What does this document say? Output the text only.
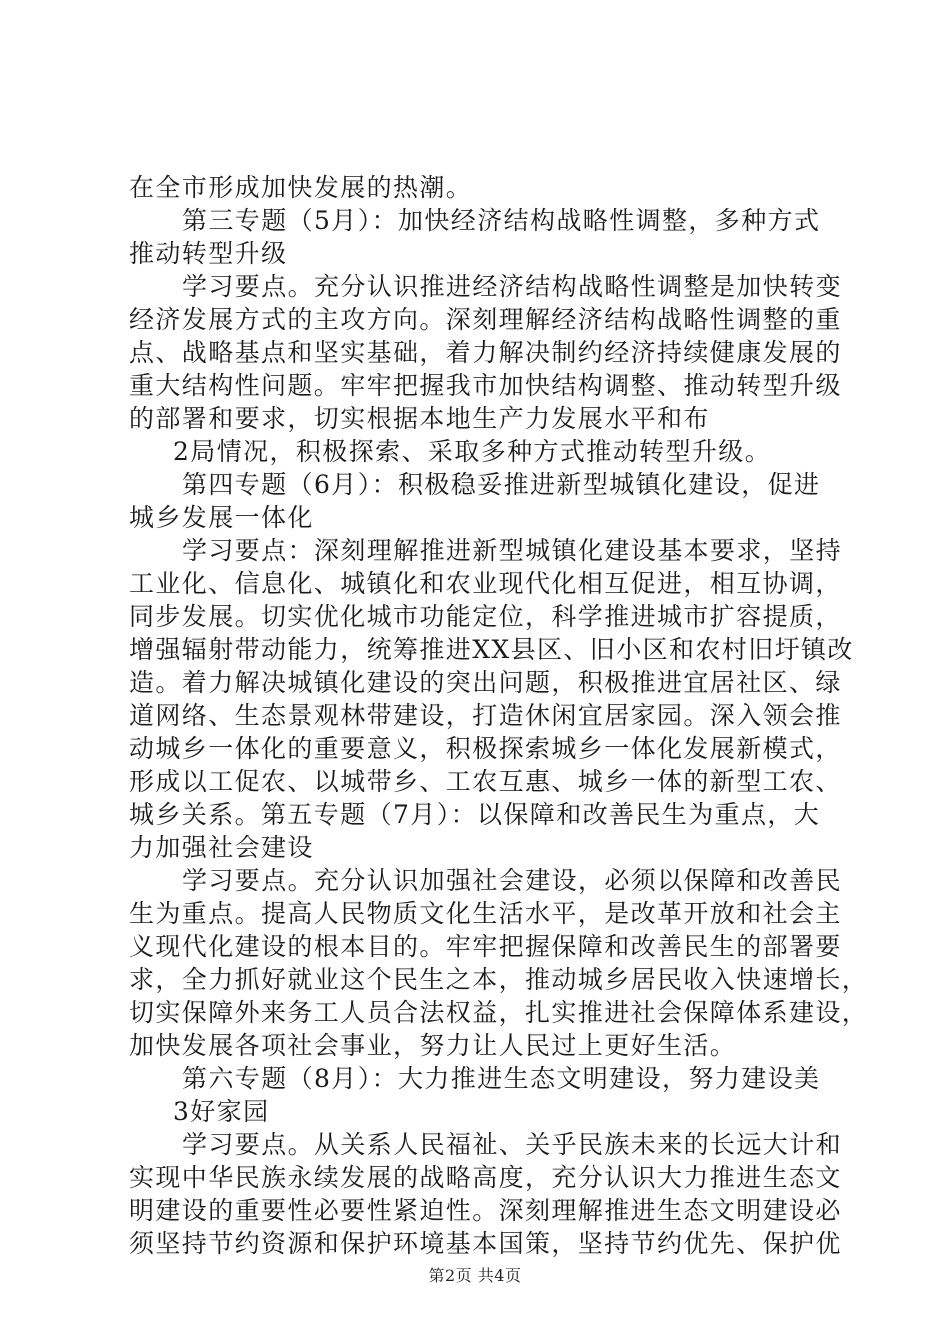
在全市形成加快发展的热潮。
第三专题（5月）：加快经济结构战略性调整，多种方式
推动转型升级
学习要点。充分认识推进经济结构战略性调整是加快转变
经济发展方式的主攻方向。深刻理解经济结构战略性调整的重
点、战略基点和坚实基础，着力解决制约经济持续健康发展的
重大结构性问题。牢牢把握我市加快结构调整、推动转型升级
的部署和要求，切实根据本地生产力发展水平和布
2局情况，积极探索、采取多种方式推动转型升级。
第四专题（6月）：积极稳妥推进新型城镇化建设，促进
城乡发展一体化
学习要点：深刻理解推进新型城镇化建设基本要求，坚持
工业化、信息化、城镇化和农业现代化相互促进，相互协调，
同步发展。切实优化城市功能定位，科学推进城市扩容提质，
增强辐射带动能力，统筹推进XX县区、旧小区和农村旧圩镇改
造。着力解决城镇化建设的突出问题，积极推进宜居社区、绿
道网络、生态景观林带建设，打造休闲宜居家园。深入领会推
动城乡一体化的重要意义，积极探索城乡一体化发展新模式，
形成以工促农、以城带乡、工农互惠、城乡一体的新型工农、
城乡关系。第五专题（7月）：以保障和改善民生为重点，大
力加强社会建设
学习要点。充分认识加强社会建设，必须以保障和改善民
生为重点。提高人民物质文化生活水平，是改革开放和社会主
义现代化建设的根本目的。牢牢把握保障和改善民生的部署要
求，全力抓好就业这个民生之本，推动城乡居民收入快速增长，
切实保障外来务工人员合法权益，扎实推进社会保障体系建设，
加快发展各项社会事业，努力让人民过上更好生活。
第六专题（8月）：大力推进生态文明建设，努力建设美
3好家园
学习要点。从关系人民福祉、关乎民族未来的长远大计和
实现中华民族永续发展的战略高度，充分认识大力推进生态文
明建设的重要性必要性紧迫性。深刻理解推进生态文明建设必
须坚持节约资源和保护环境基本国策，坚持节约优先、保护优
第2页 共4页
